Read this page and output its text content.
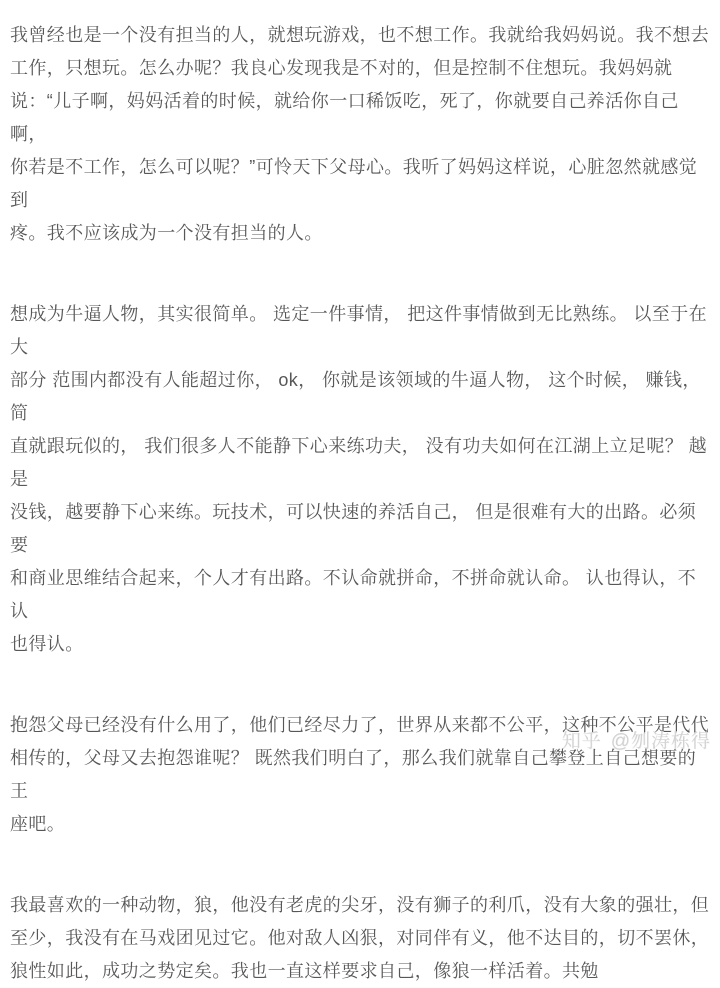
我曾经也是一个没有担当的人，就想玩游戏，也不想工作。我就给我妈妈说。我不想去
工作，只想玩。怎么办呢？我良心发现我是不对的，但是控制不住想玩。我妈妈就
说：“儿子啊，妈妈活着的时候，就给你一口稀饭吃，死了，你就要自己养活你自己啊，
你若是不工作，怎么可以呢？”可怜天下父母心。我听了妈妈这样说，心脏忽然就感觉到
疼。我不应该成为一个没有担当的人。

想成为牛逼人物，其实很简单。 选定一件事情， 把这件事情做到无比熟练。 以至于在大
部分 范围内都没有人能超过你， ok， 你就是该领域的牛逼人物， 这个时候， 赚钱， 简
直就跟玩似的， 我们很多人不能静下心来练功夫， 没有功夫如何在江湖上立足呢？ 越是
没钱，越要静下心来练。玩技术，可以快速的养活自己， 但是很难有大的出路。必须要
和商业思维结合起来，个人才有出路。不认命就拼命，不拼命就认命。 认也得认，不认
也得认。

抱怨父母已经没有什么用了，他们已经尽力了，世界从来都不公平，这种不公平是代代
相传的，父母又去抱怨谁呢？ 既然我们明白了，那么我们就靠自己攀登上自己想要的王
座吧。

我最喜欢的一种动物，狼，他没有老虎的尖牙，没有狮子的利爪，没有大象的强壮，但
至少，我没有在马戏团见过它。他对敌人凶狠，对同伴有义，他不达目的，切不罢休，
狼性如此，成功之势定矣。我也一直这样要求自己，像狼一样活着。共勉

知乎 @刎涛栋得
